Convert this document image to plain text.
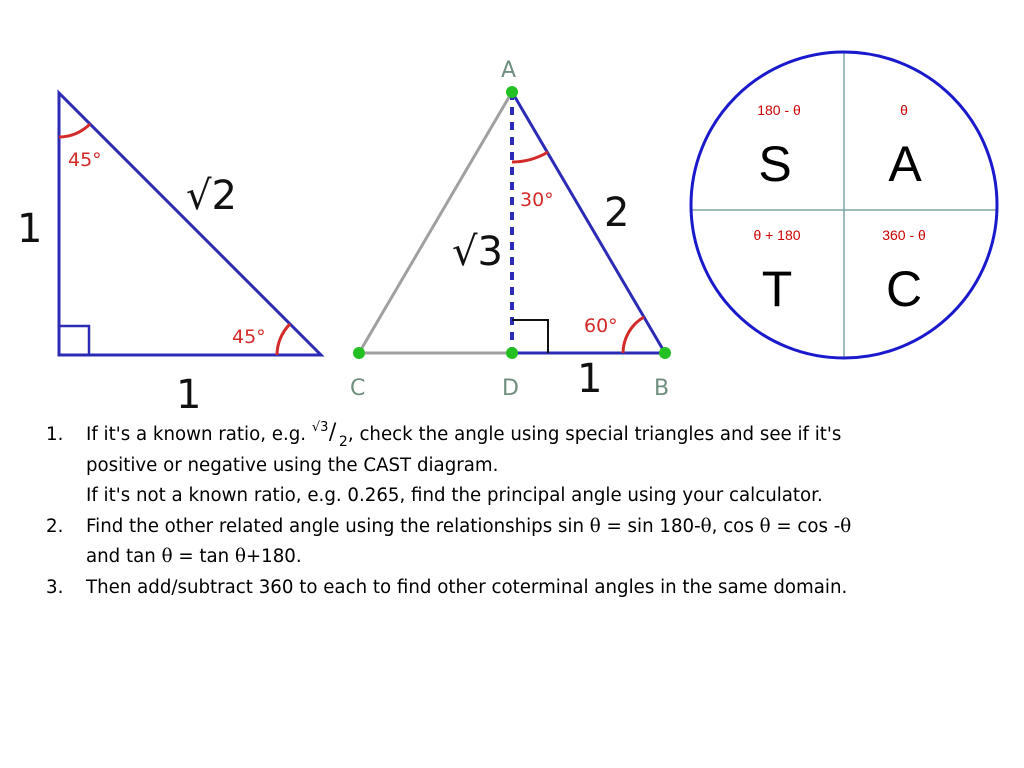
45°
45°
1
1
√2
A
C	D	B
30°
60°
2
√3
1
180 - θ
S
θ
A
θ + 180
T
360 - θ
C
1. If it's a known ratio, e.g. √3 / 2 , check the angle using special triangles and see if it's
positive or negative using the CAST diagram.
If it's not a known ratio, e.g. 0.265, find the principal angle using your calculator.
2. Find the other related angle using the relationships sin θ = sin 180-θ, cos θ = cos -θ
and tan θ = tan θ+180.
3. Then add/subtract 360 to each to find other coterminal angles in the same domain.
